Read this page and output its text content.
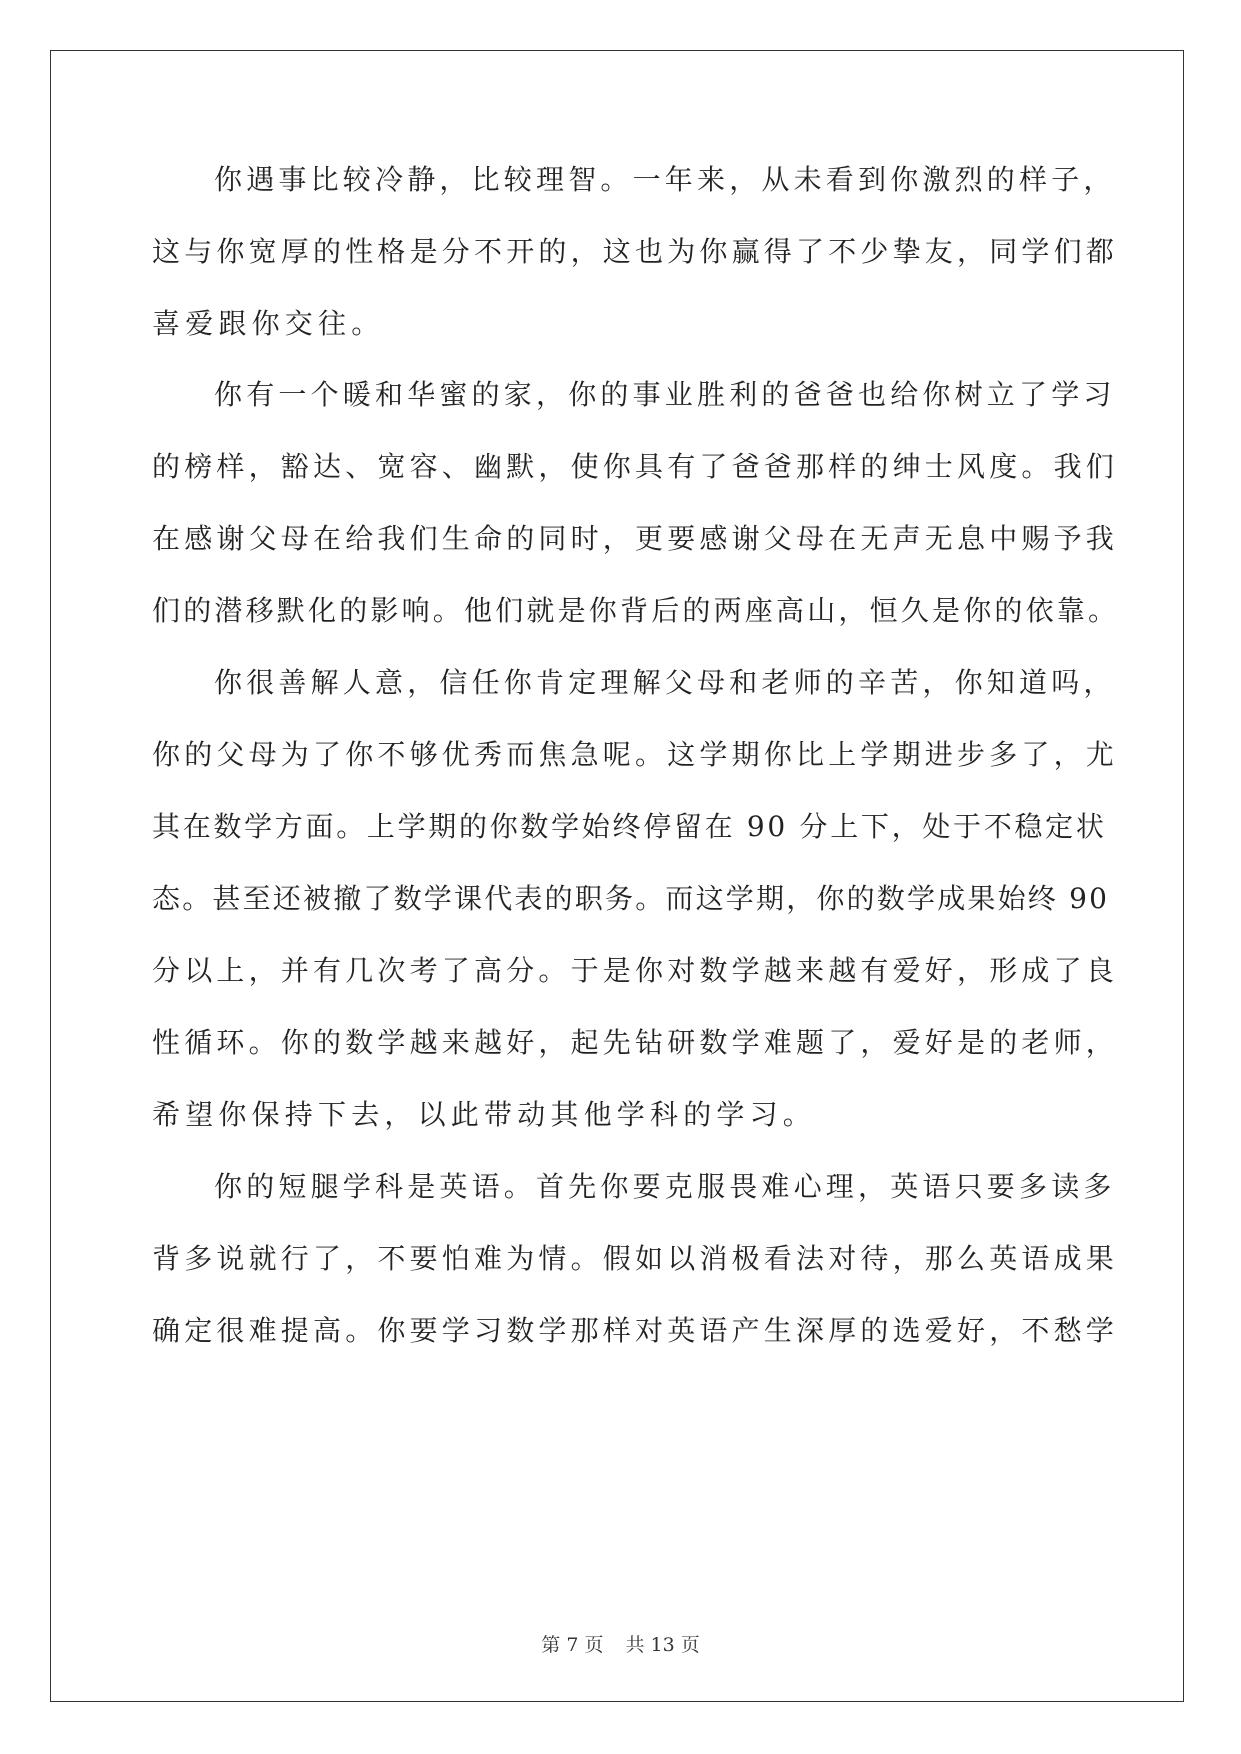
你遇事比较冷静，比较理智。一年来，从未看到你激烈的样子，
这与你宽厚的性格是分不开的，这也为你赢得了不少挚友，同学们都
喜爱跟你交往。
你有一个暖和华蜜的家，你的事业胜利的爸爸也给你树立了学习
的榜样，豁达、宽容、幽默，使你具有了爸爸那样的绅士风度。我们
在感谢父母在给我们生命的同时，更要感谢父母在无声无息中赐予我
们的潜移默化的影响。他们就是你背后的两座高山，恒久是你的依靠。
你很善解人意，信任你肯定理解父母和老师的辛苦，你知道吗，
你的父母为了你不够优秀而焦急呢。这学期你比上学期进步多了，尤
其在数学方面。上学期的你数学始终停留在 90 分上下，处于不稳定状
态。甚至还被撤了数学课代表的职务。而这学期，你的数学成果始终 90
分以上，并有几次考了高分。于是你对数学越来越有爱好，形成了良
性循环。你的数学越来越好，起先钻研数学难题了，爱好是的老师，
希望你保持下去，以此带动其他学科的学习。
你的短腿学科是英语。首先你要克服畏难心理，英语只要多读多
背多说就行了，不要怕难为情。假如以消极看法对待，那么英语成果
确定很难提高。你要学习数学那样对英语产生深厚的选爱好，不愁学
第 7 页 共 13 页
